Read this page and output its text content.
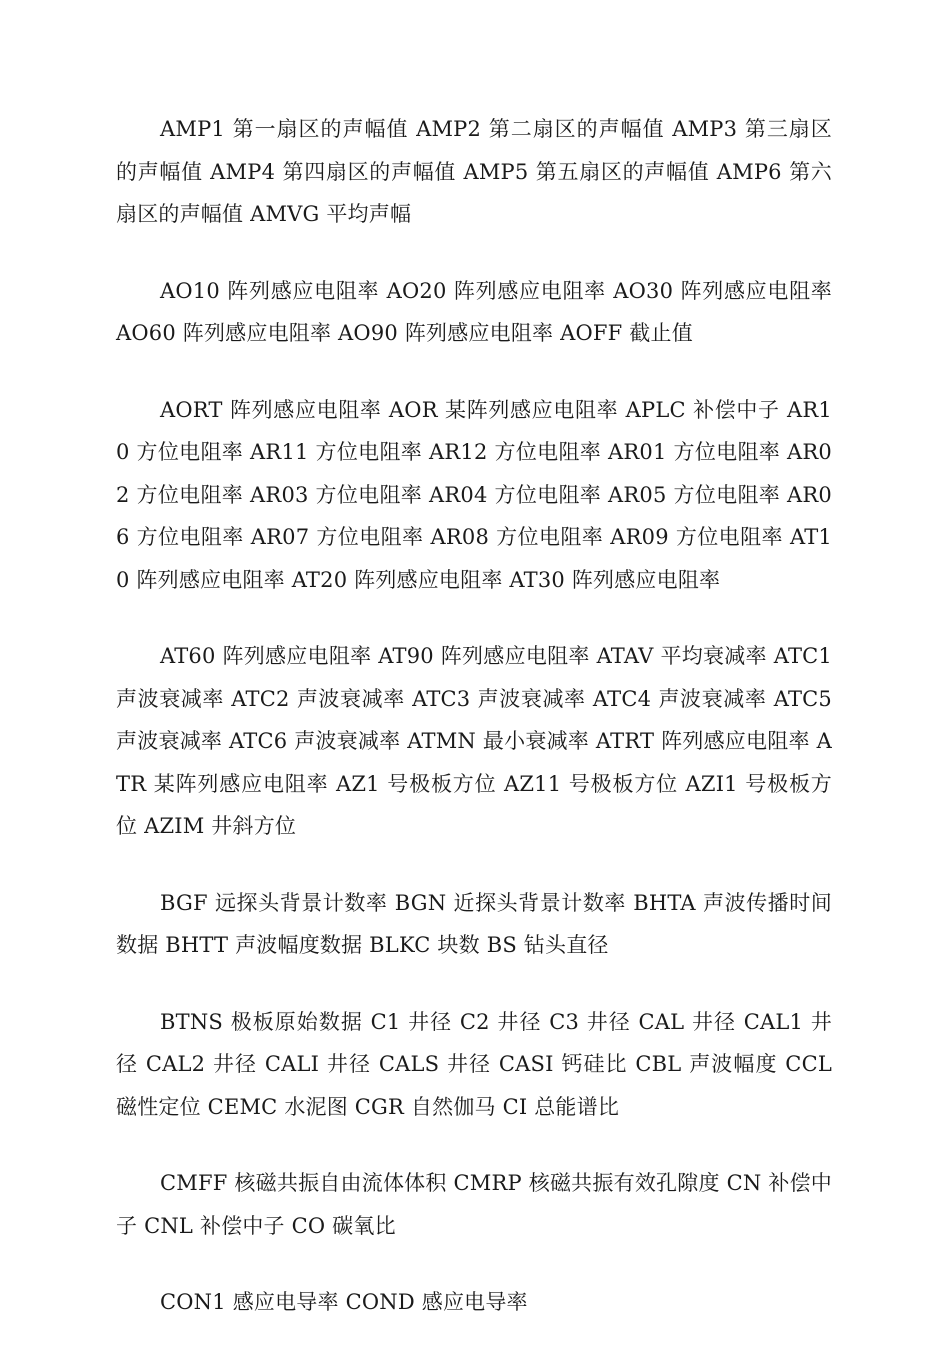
AMP1 第一扇区的声幅值 AMP2 第二扇区的声幅值 AMP3 第三扇区的声幅值 AMP4 第四扇区的声幅值 AMP5 第五扇区的声幅值 AMP6 第六扇区的声幅值 AMVG 平均声幅

AO10 阵列感应电阻率 AO20 阵列感应电阻率 AO30 阵列感应电阻率 AO60 阵列感应电阻率 AO90 阵列感应电阻率 AOFF 截止值

AORT 阵列感应电阻率 AOR 某阵列感应电阻率 APLC 补偿中子 AR10 方位电阻率 AR11 方位电阻率 AR12 方位电阻率 AR01 方位电阻率 AR02 方位电阻率 AR03 方位电阻率 AR04 方位电阻率 AR05 方位电阻率 AR06 方位电阻率 AR07 方位电阻率 AR08 方位电阻率 AR09 方位电阻率 AT10 阵列感应电阻率 AT20 阵列感应电阻率 AT30 阵列感应电阻率

AT60 阵列感应电阻率 AT90 阵列感应电阻率 ATAV 平均衰减率 ATC1 声波衰减率 ATC2 声波衰减率 ATC3 声波衰减率 ATC4 声波衰减率 ATC5 声波衰减率 ATC6 声波衰减率 ATMN 最小衰减率 ATRT 阵列感应电阻率 ATR 某阵列感应电阻率 AZ1 号极板方位 AZ11 号极板方位 AZI1 号极板方位 AZIM 井斜方位

BGF 远探头背景计数率 BGN 近探头背景计数率 BHTA 声波传播时间数据 BHTT 声波幅度数据 BLKC 块数 BS 钻头直径

BTNS 极板原始数据 C1 井径 C2 井径 C3 井径 CAL 井径 CAL1 井径 CAL2 井径 CALI 井径 CALS 井径 CASI 钙硅比 CBL 声波幅度 CCL 磁性定位 CEMC 水泥图 CGR 自然伽马 CI 总能谱比

CMFF 核磁共振自由流体体积 CMRP 核磁共振有效孔隙度 CN 补偿中子 CNL 补偿中子 CO 碳氧比

CON1 感应电导率 COND 感应电导率
